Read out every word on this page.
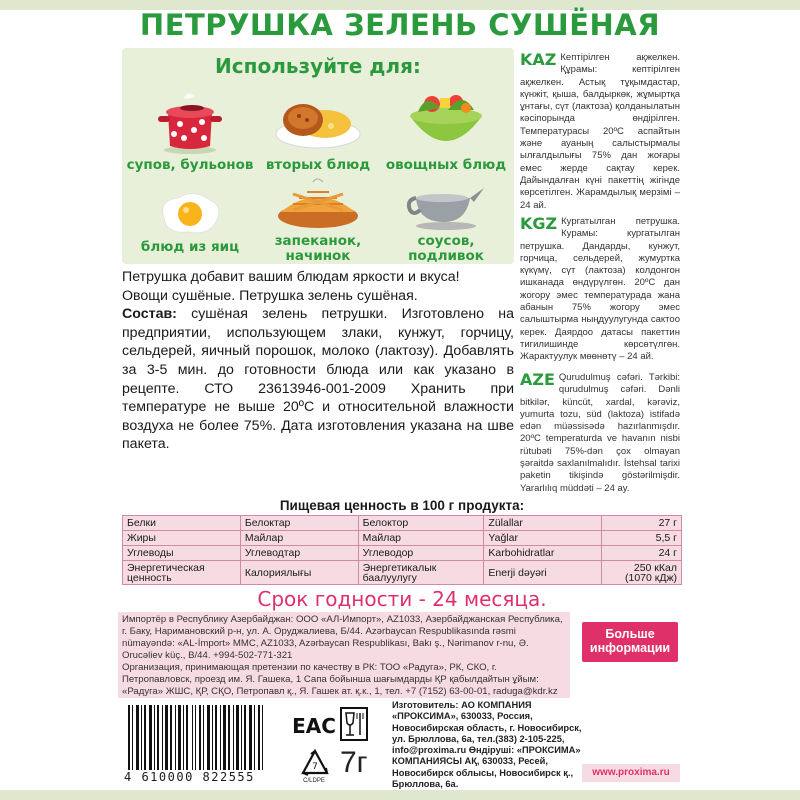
ПЕТРУШКА ЗЕЛЕНЬ СУШЁНАЯ
Используйте для:
супов, бульонов вторых блюд	овощных блюд
блюд из яиц	запеканок, начинок
соусов, подливок
KAZ Кептірілген ақжелкен. Құрамы: кептірілген ақжелкен. Астық тұқымдастар, күнжіт, қыша, балдыркөк, жұмыртқа ұнтағы, сүт (лактоза) қолданылатын кәсіпорында өндірілген. Температурасы 20ºС аспайтын және ауаның салыстырмалы ылғалдылығы 75% дан жоғары емес жерде сақтау керек. Дайындалған күні пакеттің жігінде көрсетілген. Жарамдылық мерзімі – 24 ай.
KGZ Кургатылган петрушка. Курамы: кургатылган петрушка. Дандарды, кунжут, горчица, сельдерей, жумуртка күкүмү, сүт (лактоза) колдонгон ишканада өндүрүлгөн. 20ºС дан жогору эмес температурада жана абанын 75% жогору эмес салыштырма ныңдуулугунда сактоо керек. Даярдоо датасы пакеттин тигилишинде көрсөтүлгөн. Жарактуулук мөөнөтү – 24 ай.
AZE Qurudulmuş cəfəri. Tərkibi: qurudulmuş cəfəri. Dənli bitkilər, küncüt, xardal, kərəviz, yumurta tozu, süd (laktoza) istifadə edən müəssisədə hazırlanmışdır. 20ºC temperaturda ve havanın nisbi rütubəti 75%-dən çox olmayan şəraitdə saxlanılmalıdır. İstehsal tarixi paketin tikişində göstərilmişdir. Yararlılıq müddəti – 24 ay.

Петрушка добавит вашим блюдам яркости и вкуса!

Овощи сушёные. Петрушка зелень сушёная.
Состав: сушёная зелень петрушки. Изготовлено на предприятии, использующем злаки, кунжут, горчицу, сельдерей, яичный порошок, молоко (лактозу). Добавлять за 3-5 мин. до готовности блюда или как указано в рецепте. СТО 23613946-001-2009 Хранить при температуре не выше 20ºС и относительной влажности воздуха не более 75%. Дата изготовления указана на шве пакета.

Пищевая ценность в 100 г продукта:
Белки	Белоктар	Белоктор	Zülallar	27 г
Жиры	Майлар	Майлар	Yağlar	5,5 г
Углеводы	Углеводтар	Углеводор	Karbohidratlar	24 г
Энергетическая ценность	Калориялығы	Энергетикалык баалуулугу	Enerji dəyəri	250 кКал (1070 кДж)
Срок годности - 24 месяца.
Импортёр в Республику Азербайджан: ООО «АЛ-Импорт», AZ1033, Азербайджанская Республика, г. Баку, Наримановский р-н, ул. А. Оруджалиева, Б/44. Azərbaycan Respublikasında rəsmi nümayəndə: «AL-İmport» MMC, AZ1033, Azərbaycan Respublikası, Bakı ş., Nərimanov r-nu, Ə. Orucəliev küç., B/44. +994-502-771-321
Организация, принимающая претензии по качеству в РК: ТОО «Радуга», РК, СКО, г. Петропавловск, проезд им. Я. Гашека, 1 Сапа бойынша шағымдарды ҚР қабылдайтын ұйым: «Радуга» ЖШС, ҚР, СҚО, Петропавл қ., Я. Гашек ат. қ.к., 1, тел. +7 (7152) 63-00-01, raduga@kdr.kz
Больше информации
4 610000 822555
EAC
7
C/LDPE
7г
Изготовитель: АО КОМПАНИЯ «ПРОКСИМА», 630033, Россия, Новосибирская область, г. Новосибирск, ул. Брюллова, 6а, тел.(383) 2-105-225, info@proxima.ru Өндіруші: «ПРОКСИМА» КОМПАНИЯСЫ АҚ, 630033, Ресей, Новосибирск облысы, Новосибирск қ., Брюллова, 6а.
www.proxima.ru
